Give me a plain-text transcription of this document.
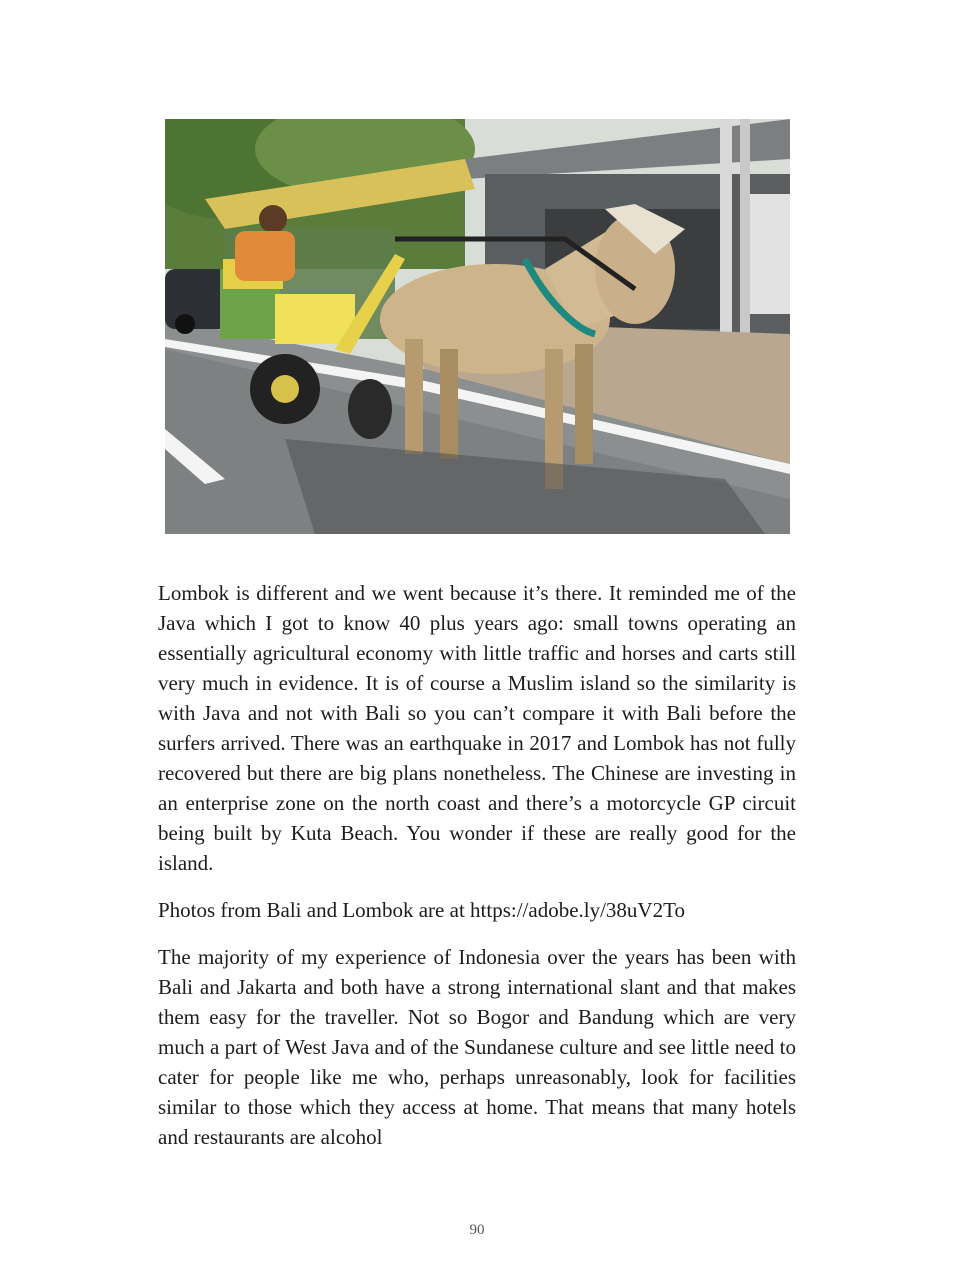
Lombok is different and we went because it’s there. It reminded me of the Java which I got to know 40 plus years ago: small towns operating an essentially agricultural economy with little traffic and horses and carts still very much in evidence. It is of course a Muslim island so the similarity is with Java and not with Bali so you can’t compare it with Bali before the surfers arrived. There was an earthquake in 2017 and Lombok has not fully recovered but there are big plans nonetheless. The Chinese are investing in an enterprise zone on the north coast and there’s a motorcycle GP circuit being built by Kuta Beach. You wonder if these are really good for the island.

Photos from Bali and Lombok are at https://adobe.ly/38uV2To

The majority of my experience of Indonesia over the years has been with Bali and Jakarta and both have a strong international slant and that makes them easy for the traveller. Not so Bogor and Bandung which are very much a part of West Java and of the Sundanese culture and see little need to cater for people like me who, perhaps unreasonably, look for facilities similar to those which they access at home. That means that many hotels and restaurants are alcohol

90
